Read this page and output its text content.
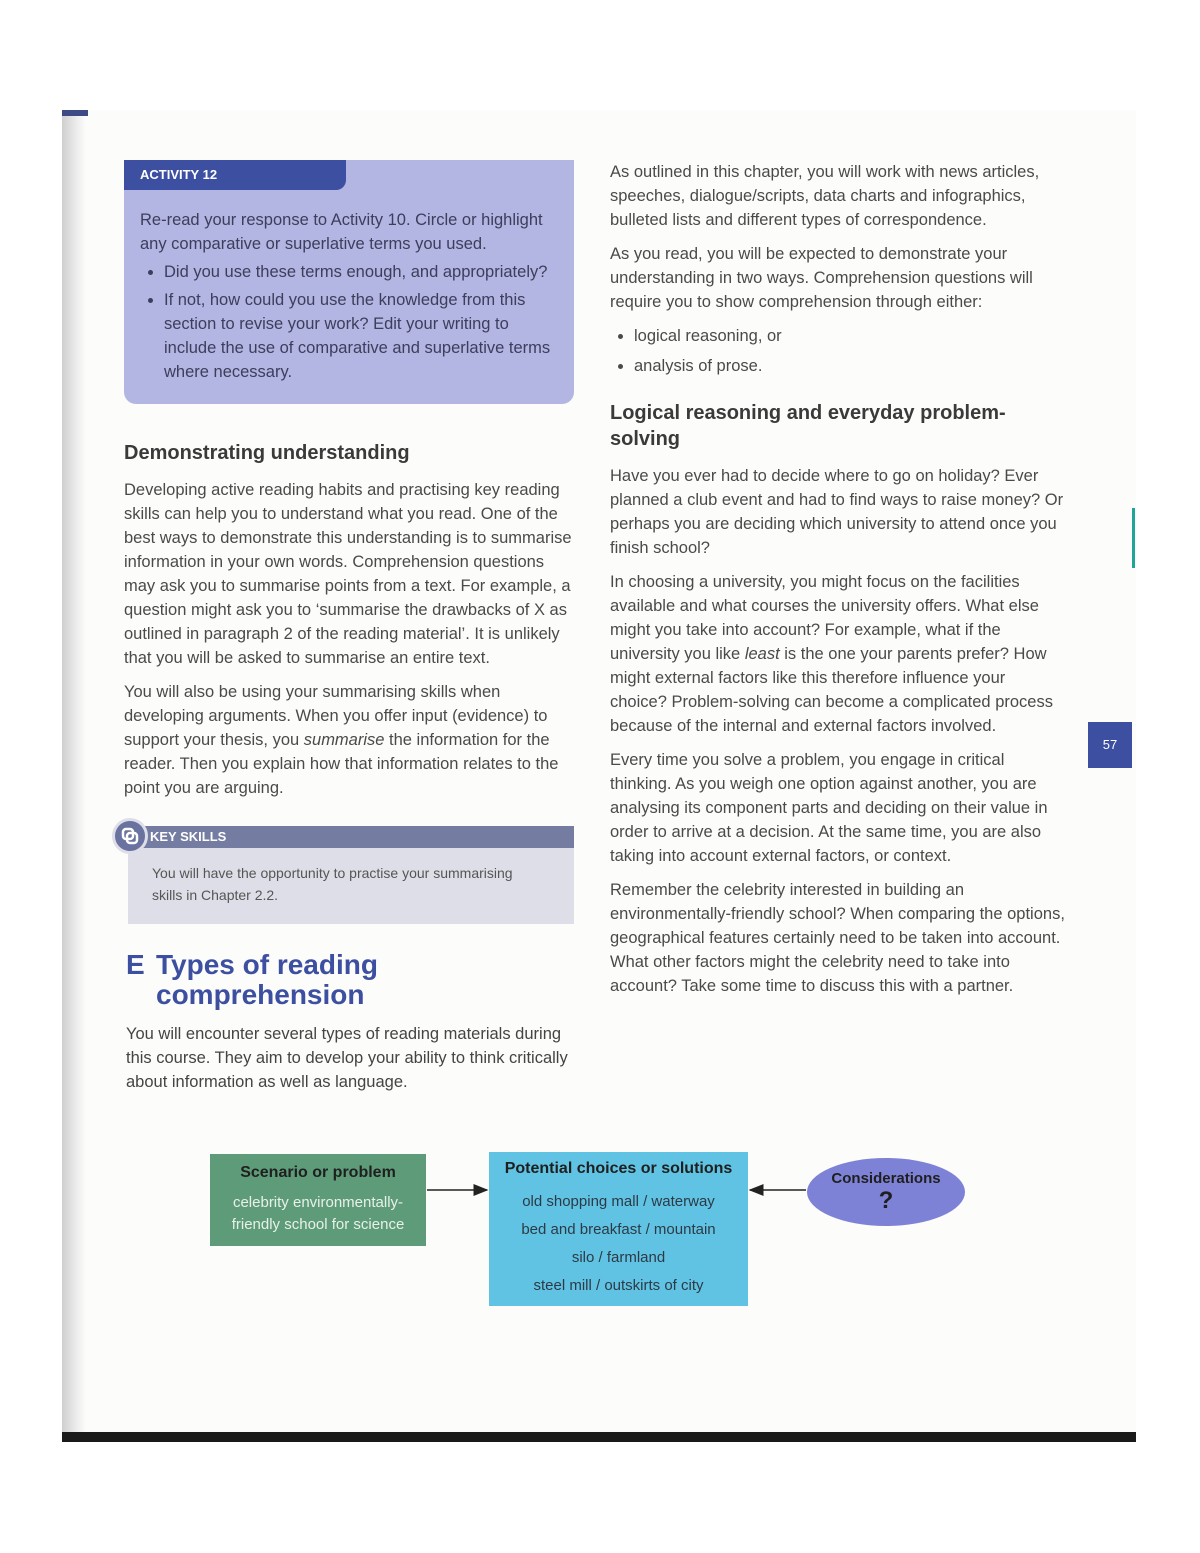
ACTIVITY 12

Re-read your response to Activity 10. Circle or highlight any comparative or superlative terms you used.

• Did you use these terms enough, and appropriately?
• If not, how could you use the knowledge from this section to revise your work? Edit your writing to include the use of comparative and superlative terms where necessary.
Demonstrating understanding

Developing active reading habits and practising key reading skills can help you to understand what you read. One of the best ways to demonstrate this understanding is to summarise information in your own words. Comprehension questions may ask you to summarise points from a text. For example, a question might ask you to ‘summarise the drawbacks of X as outlined in paragraph 2 of the reading material’. It is unlikely that you will be asked to summarise an entire text.

You will also be using your summarising skills when developing arguments. When you offer input (evidence) to support your thesis, you summarise the information for the reader. Then you explain how that information relates to the point you are arguing.

KEY SKILLS
You will have the opportunity to practise your summarising skills in Chapter 2.2.
E Types of reading comprehension

You will encounter several types of reading materials during this course. They aim to develop your ability to think critically about information as well as language.

As outlined in this chapter, you will work with news articles, speeches, dialogue/scripts, data charts and infographics, bulleted lists and different types of correspondence.

As you read, you will be expected to demonstrate your understanding in two ways. Comprehension questions will require you to show comprehension through either:

• logical reasoning, or
• analysis of prose.
Logical reasoning and everyday problem-solving

Have you ever had to decide where to go on holiday? Ever planned a club event and had to find ways to raise money? Or perhaps you are deciding which university to attend once you finish school?

In choosing a university, you might focus on the facilities available and what courses the university offers. What else might you take into account? For example, what if the university you like least is the one your parents prefer? How might external factors like this therefore influence your choice? Problem-solving can become a complicated process because of the internal and external factors involved.

Every time you solve a problem, you engage in critical thinking. As you weigh one option against another, you are analysing its component parts and deciding on their value in order to arrive at a decision. At the same time, you are also taking into account external factors, or context.

Remember the celebrity interested in building an environmentally-friendly school? When comparing the options, geographical features certainly need to be taken into account. What other factors might the celebrity need to take into account? Take some time to discuss this with a partner.

57
Scenario or problem
celebrity environmentally-friendly school for science
Potential choices or solutions
old shopping mall / waterway
bed and breakfast / mountain
silo / farmland
steel mill / outskirts of city
Considerations
?
